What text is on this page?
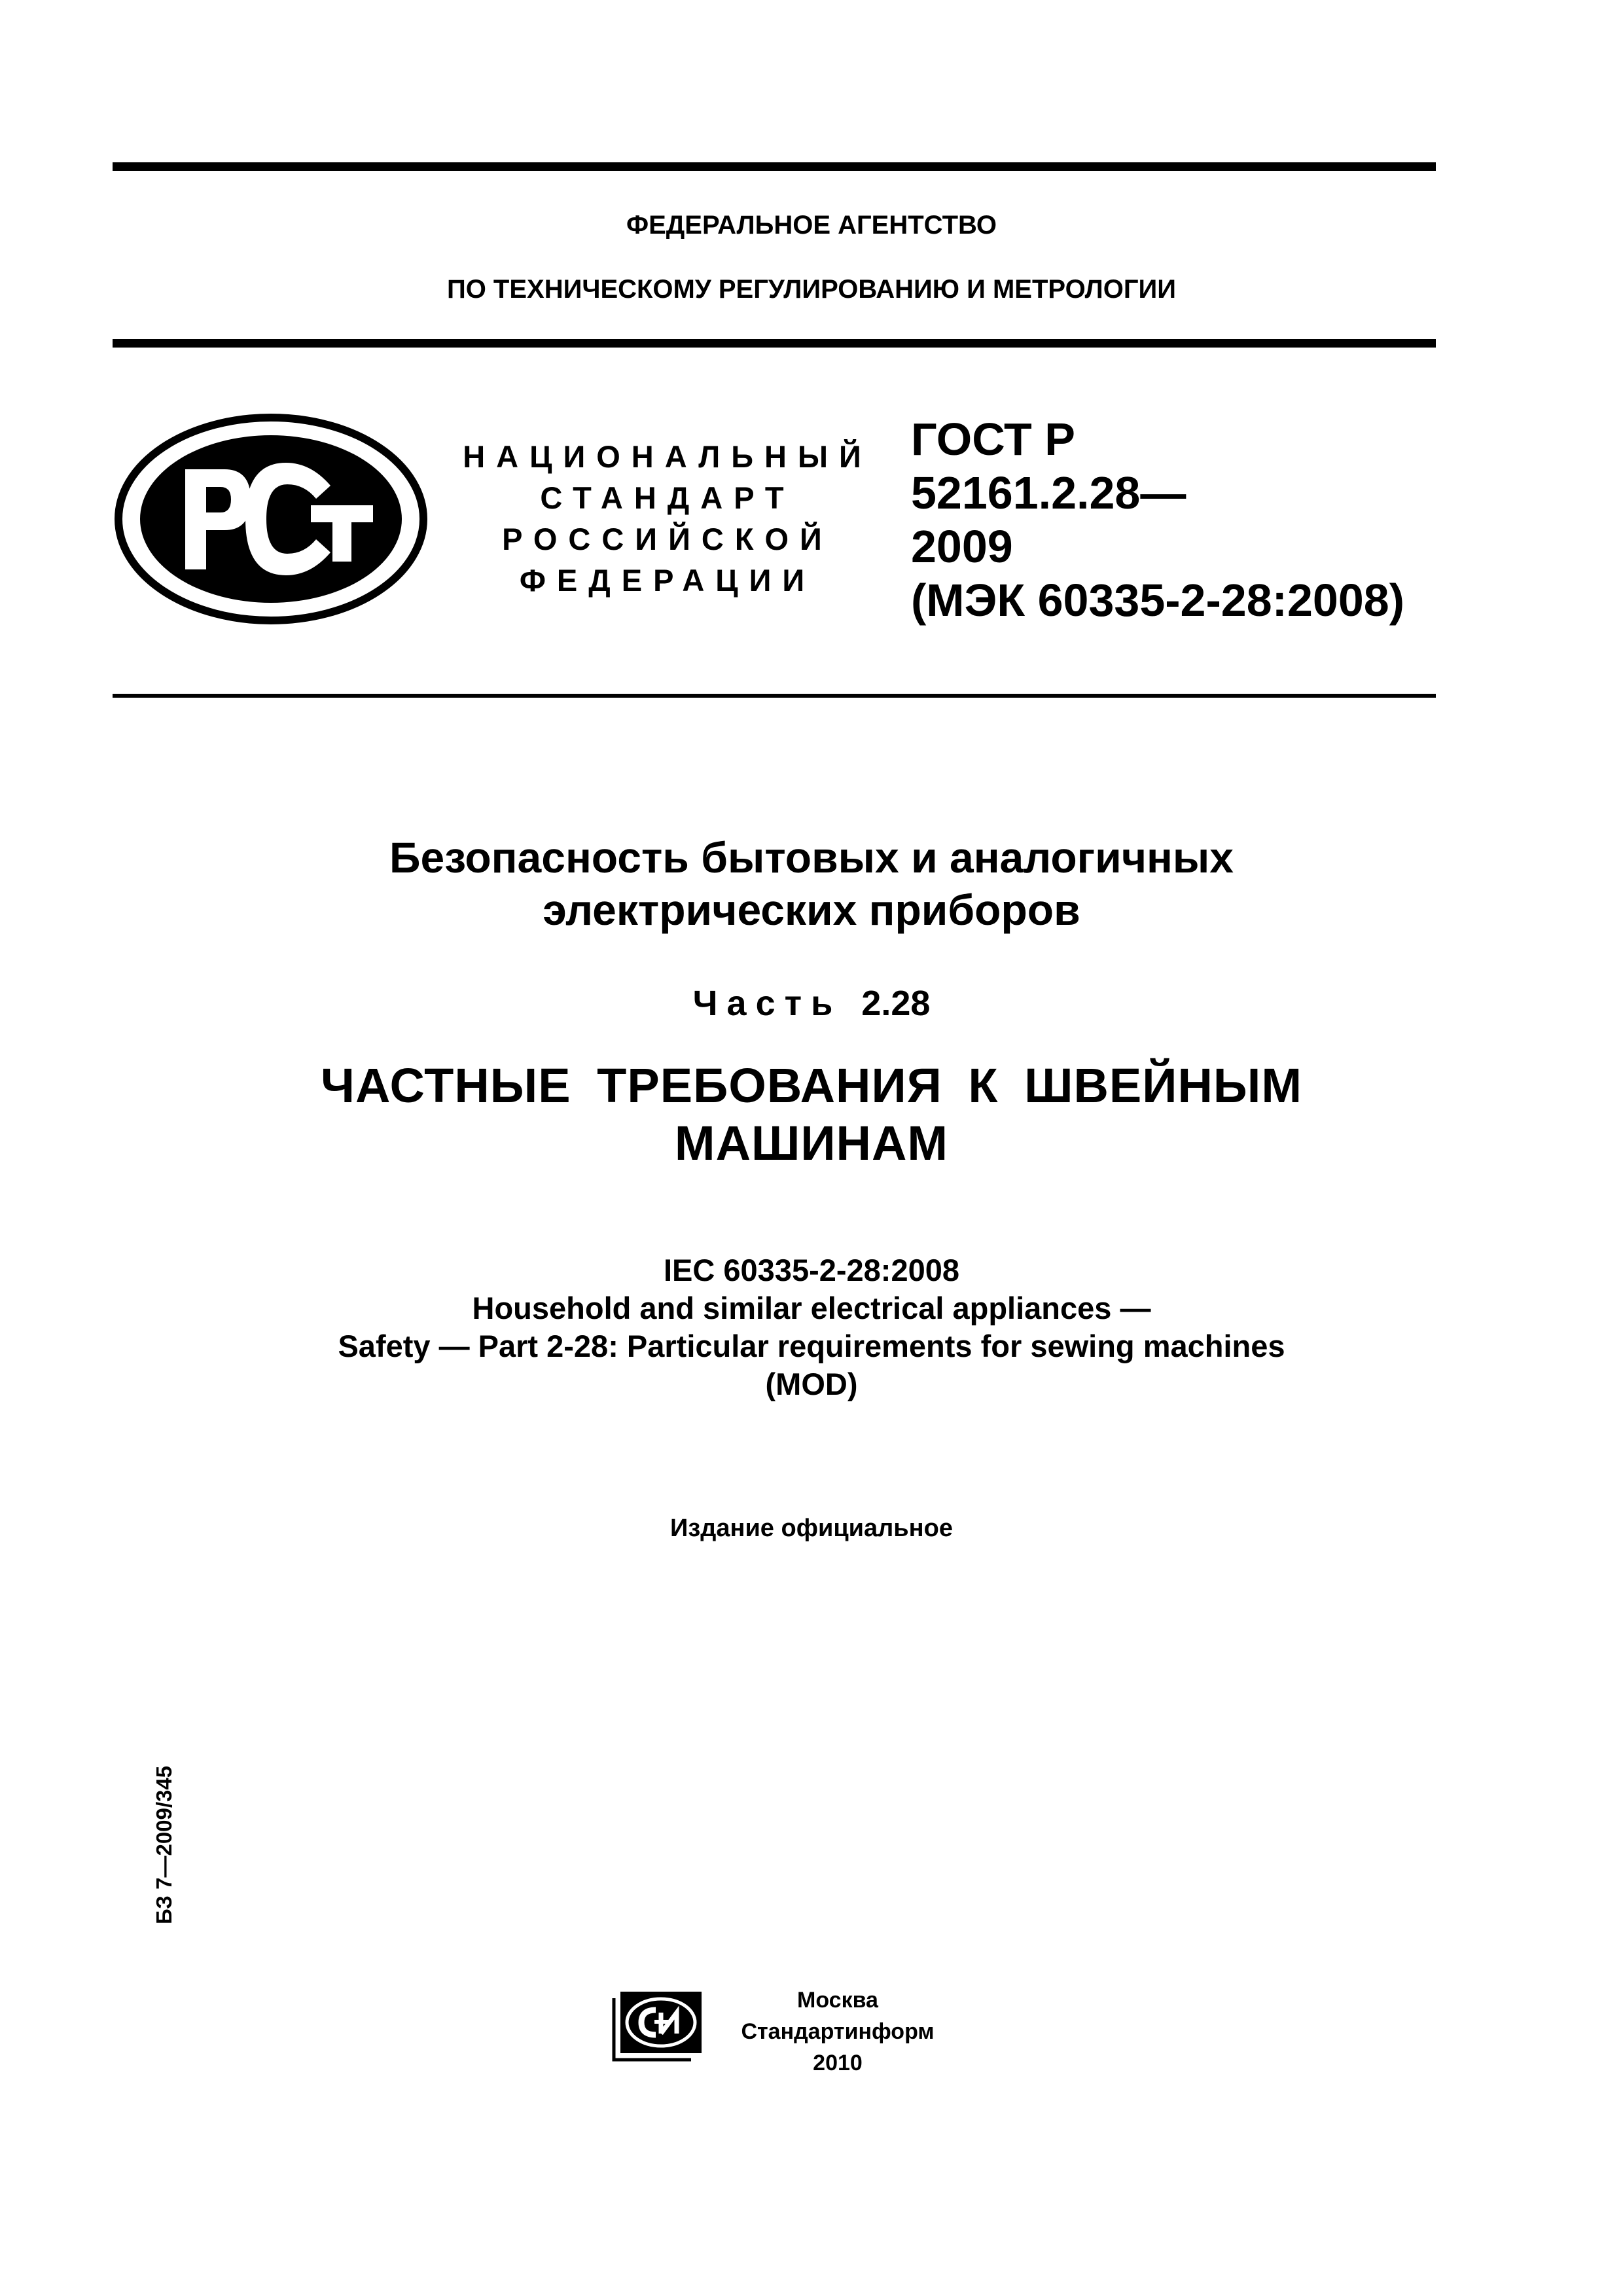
ФЕДЕРАЛЬНОЕ АГЕНТСТВО
ПО ТЕХНИЧЕСКОМУ РЕГУЛИРОВАНИЮ И МЕТРОЛОГИИ
НАЦИОНАЛЬНЫЙ
СТАНДАРТ
РОССИЙСКОЙ
ФЕДЕРАЦИИ
ГОСТ Р
52161.2.28—
2009
(МЭК 60335-2-28:2008)
Безопасность бытовых и аналогичных
электрических приборов
Часть 2.28
ЧАСТНЫЕ ТРЕБОВАНИЯ К ШВЕЙНЫМ
МАШИНАМ
IEC 60335-2-28:2008
Household and similar electrical appliances —
Safety — Part 2-28: Particular requirements for sewing machines
(MOD)
Издание официальное
БЗ 7—2009/345
Москва
Стандартинформ
2010
